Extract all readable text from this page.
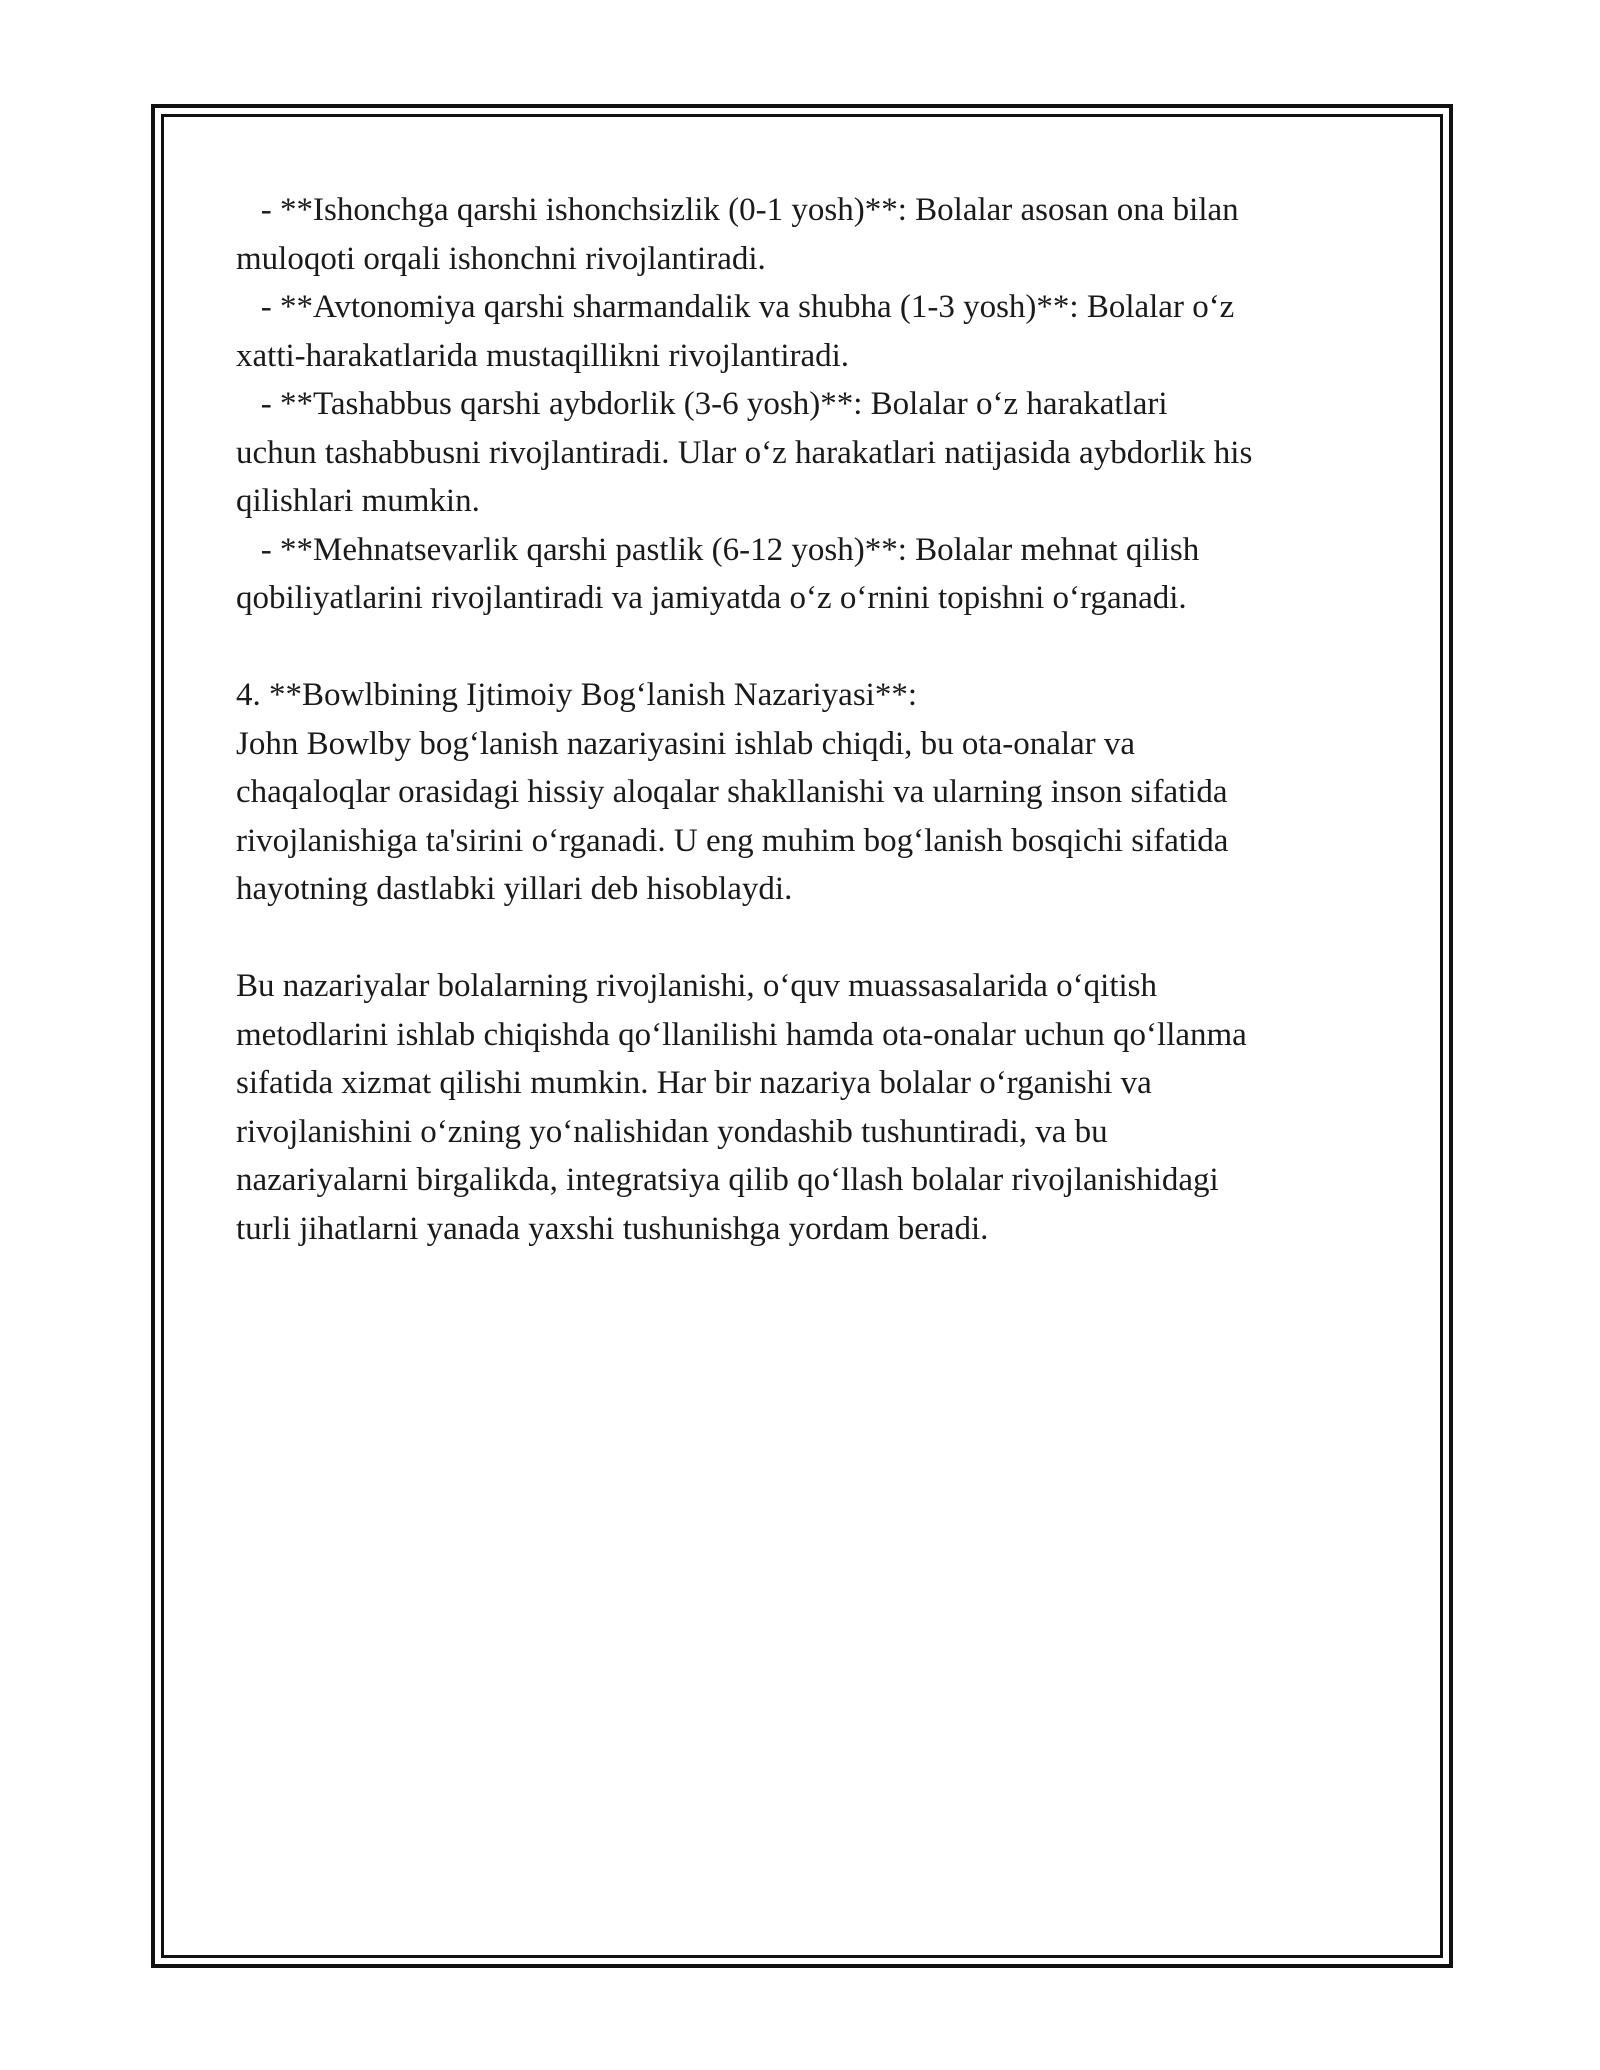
- **Ishonchga qarshi ishonchsizlik (0-1 yosh)**: Bolalar asosan ona bilan
muloqoti orqali ishonchni rivojlantiradi.
- **Avtonomiya qarshi sharmandalik va shubha (1-3 yosh)**: Bolalar o‘z
xatti-harakatlarida mustaqillikni rivojlantiradi.
- **Tashabbus qarshi aybdorlik (3-6 yosh)**: Bolalar o‘z harakatlari
uchun tashabbusni rivojlantiradi. Ular o‘z harakatlari natijasida aybdorlik his
qilishlari mumkin.
- **Mehnatsevarlik qarshi pastlik (6-12 yosh)**: Bolalar mehnat qilish
qobiliyatlarini rivojlantiradi va jamiyatda o‘z o‘rnini topishni o‘rganadi.
4. **Bowlbining Ijtimoiy Bog‘lanish Nazariyasi**:
John Bowlby bog‘lanish nazariyasini ishlab chiqdi, bu ota-onalar va
chaqaloqlar orasidagi hissiy aloqalar shakllanishi va ularning inson sifatida
rivojlanishiga ta'sirini o‘rganadi. U eng muhim bog‘lanish bosqichi sifatida
hayotning dastlabki yillari deb hisoblaydi.
Bu nazariyalar bolalarning rivojlanishi, o‘quv muassasalarida o‘qitish
metodlarini ishlab chiqishda qo‘llanilishi hamda ota-onalar uchun qo‘llanma
sifatida xizmat qilishi mumkin. Har bir nazariya bolalar o‘rganishi va
rivojlanishini o‘zning yo‘nalishidan yondashib tushuntiradi, va bu
nazariyalarni birgalikda, integratsiya qilib qo‘llash bolalar rivojlanishidagi
turli jihatlarni yanada yaxshi tushunishga yordam beradi.
